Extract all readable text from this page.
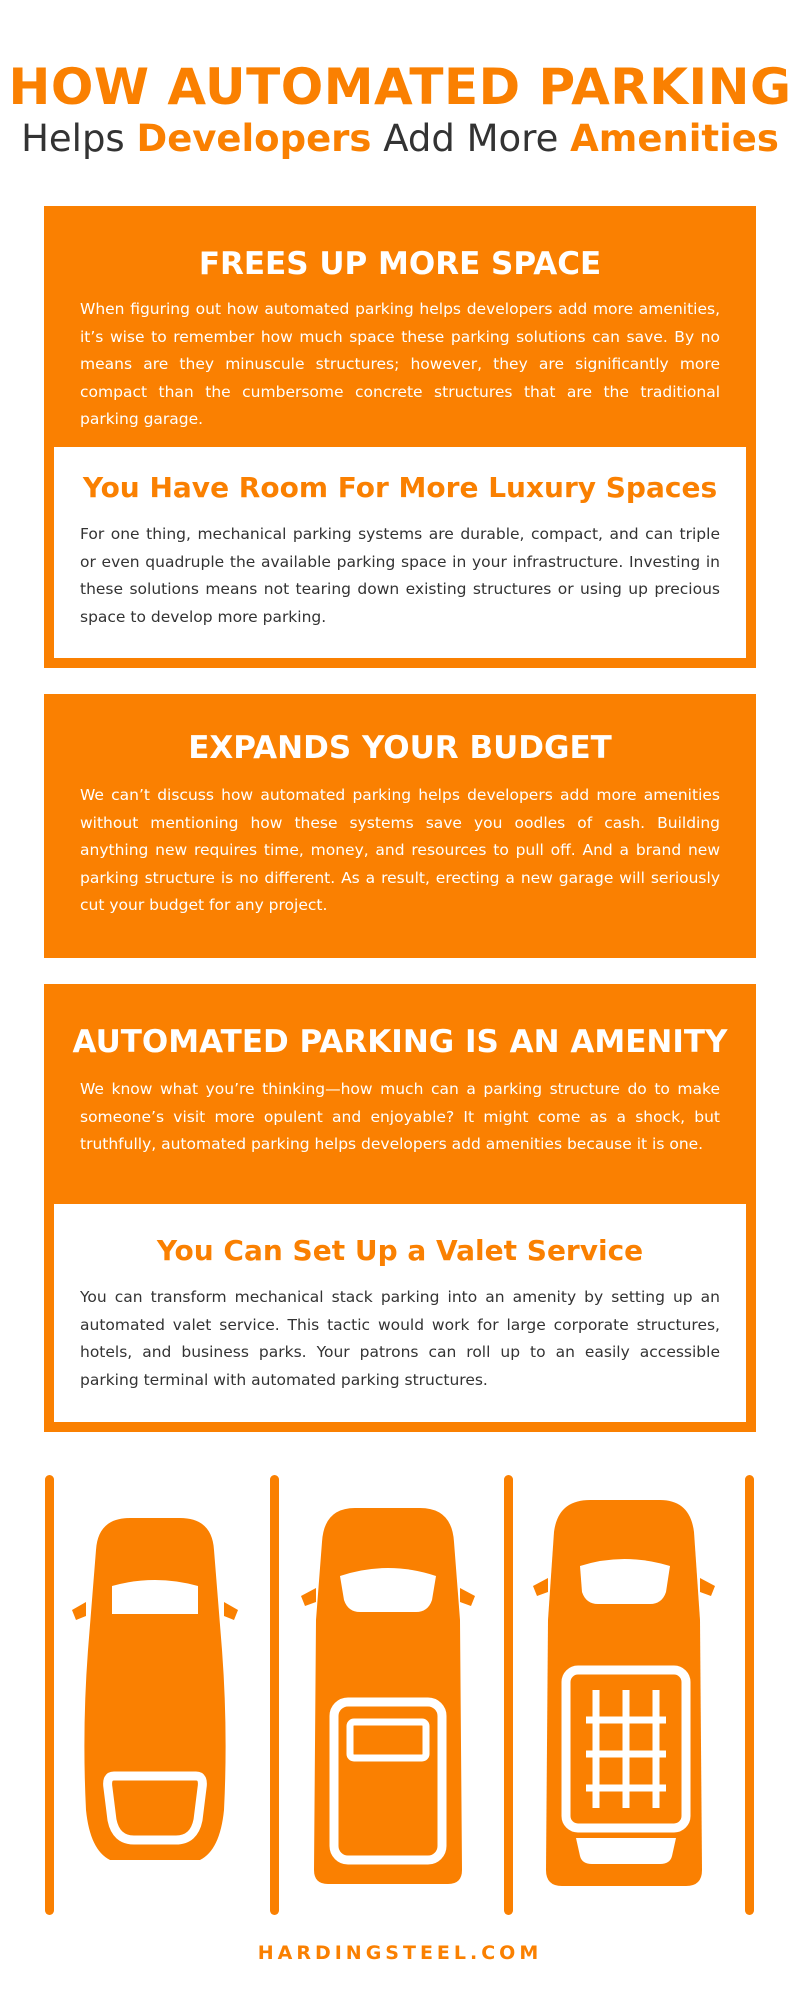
HOW AUTOMATED PARKING
Helps Developers Add More Amenities
FREES UP MORE SPACE

When figuring out how automated parking helps developers add more amenities, it’s wise to remember how much space these parking solutions can save. By no means are they minuscule structures; however, they are significantly more compact than the cumbersome concrete structures that are the traditional parking garage.

You Have Room For More Luxury Spaces

For one thing, mechanical parking systems are durable, compact, and can triple or even quadruple the available parking space in your infrastructure. Investing in these solutions means not tearing down existing structures or using up precious space to develop more parking.

EXPANDS YOUR BUDGET

We can’t discuss how automated parking helps developers add more amenities without mentioning how these systems save you oodles of cash. Building anything new requires time, money, and resources to pull off. And a brand new parking structure is no different. As a result, erecting a new garage will seriously cut your budget for any project.

AUTOMATED PARKING IS AN AMENITY

We know what you’re thinking—how much can a parking structure do to make someone’s visit more opulent and enjoyable? It might come as a shock, but truthfully, automated parking helps developers add amenities because it is one.

You Can Set Up a Valet Service

You can transform mechanical stack parking into an amenity by setting up an automated valet service. This tactic would work for large corporate structures, hotels, and business parks. Your patrons can roll up to an easily accessible parking terminal with automated parking structures.

HARDINGSTEEL.COM
